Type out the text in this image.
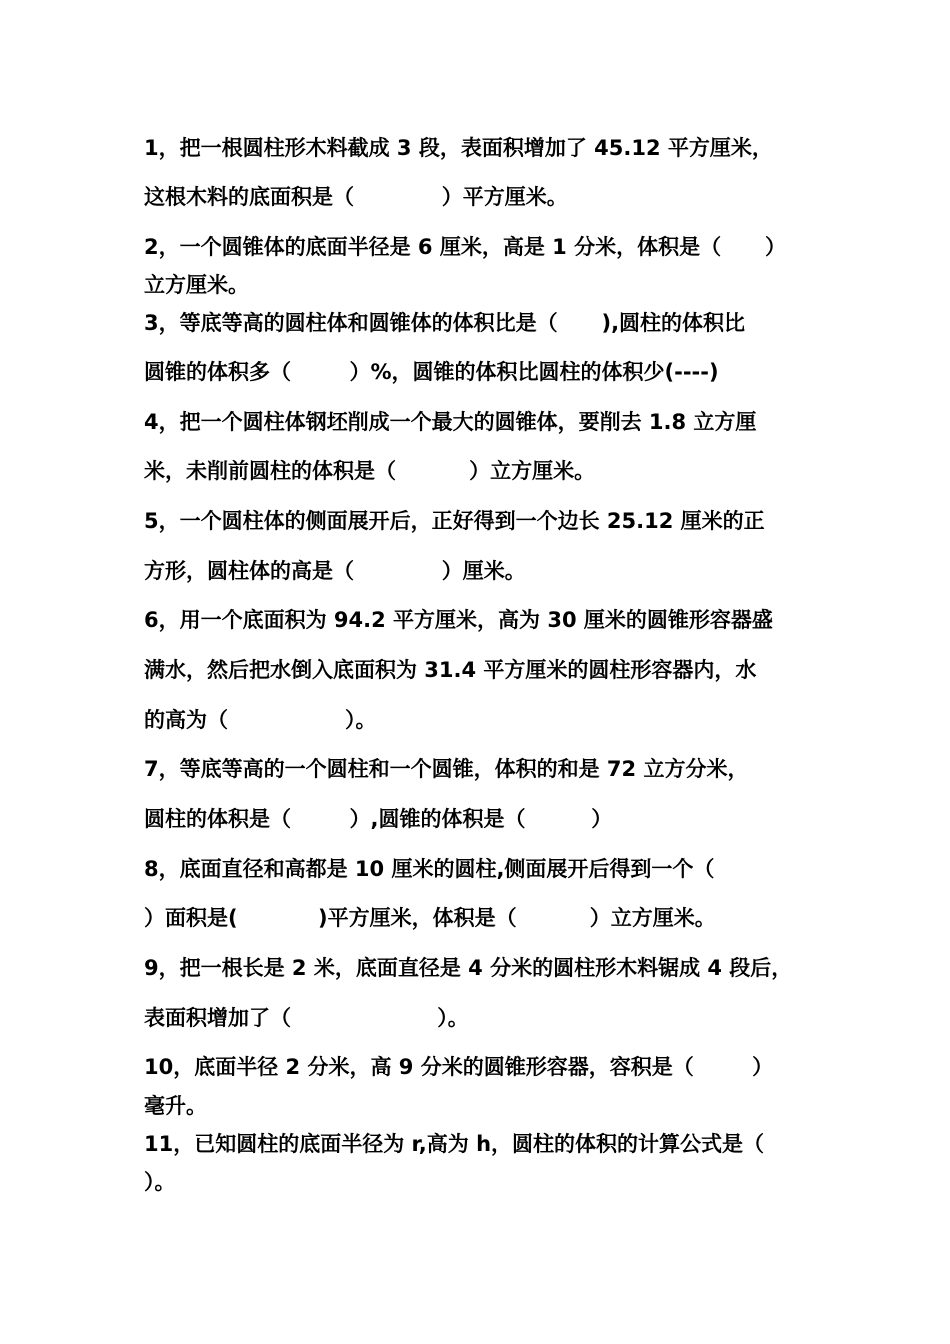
1，把一根圆柱形木料截成 3 段，表面积增加了 45.12 平方厘米，
这根木料的底面积是（            ）平方厘米。
2，一个圆锥体的底面半径是 6 厘米，高是 1 分米，体积是（      ）
立方厘米。
3，等底等高的圆柱体和圆锥体的体积比是（      ),圆柱的体积比
圆锥的体积多（        ）%，圆锥的体积比圆柱的体积少(----)
4，把一个圆柱体钢坯削成一个最大的圆锥体，要削去 1.8 立方厘
米，未削前圆柱的体积是（          ）立方厘米。
5，一个圆柱体的侧面展开后，正好得到一个边长 25.12 厘米的正
方形，圆柱体的高是（            ）厘米。
6，用一个底面积为 94.2 平方厘米，高为 30 厘米的圆锥形容器盛
满水，然后把水倒入底面积为 31.4 平方厘米的圆柱形容器内，水
的高为（                ）。
7，等底等高的一个圆柱和一个圆锥，体积的和是 72 立方分米，
圆柱的体积是（        ）,圆锥的体积是（         ）
8，底面直径和高都是 10 厘米的圆柱,侧面展开后得到一个（
）面积是(           )平方厘米，体积是（          ）立方厘米。
9，把一根长是 2 米，底面直径是 4 分米的圆柱形木料锯成 4 段后，
表面积增加了（                    ）。
10，底面半径 2 分米，高 9 分米的圆锥形容器，容积是（        ）
毫升。
11，已知圆柱的底面半径为 r,高为 h，圆柱的体积的计算公式是（
）。
